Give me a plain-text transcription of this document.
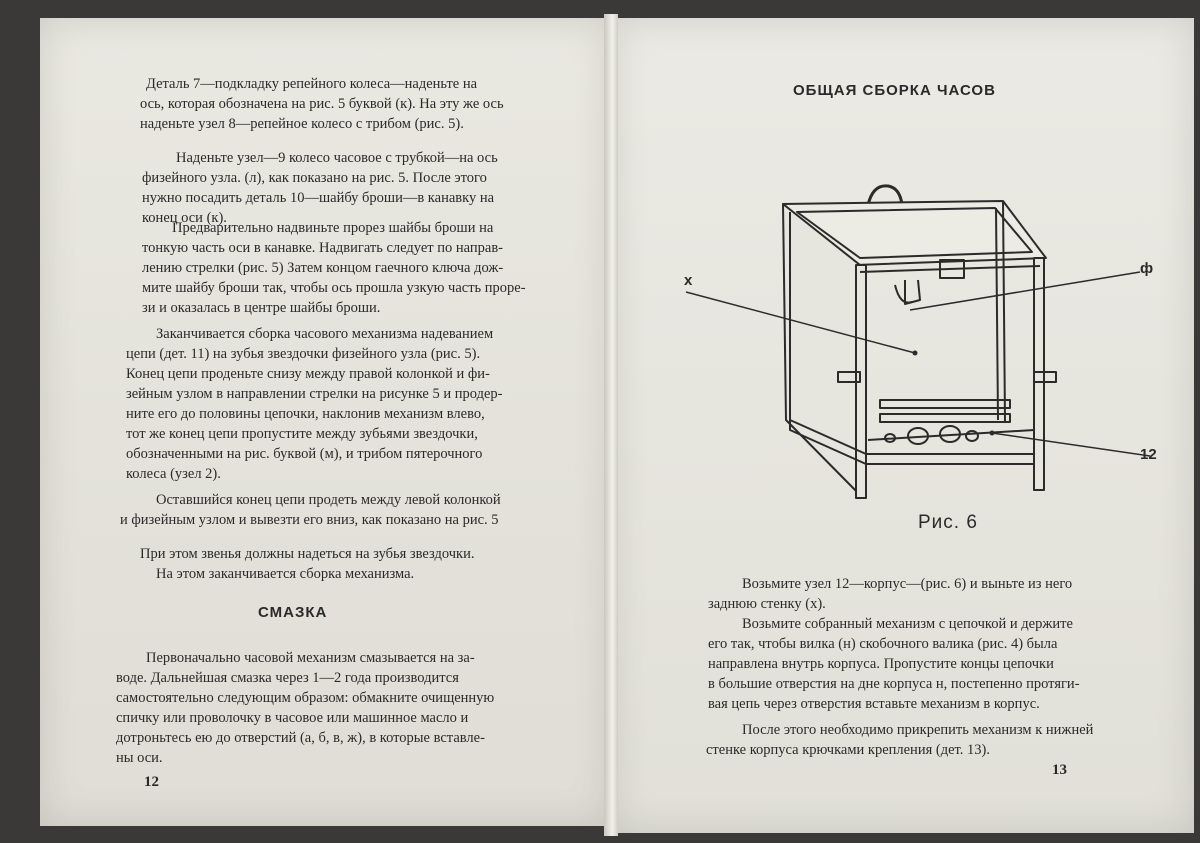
Деталь 7—подкладку репейного колеса—наденьте на
ось, которая обозначена на рис. 5 буквой (к). На эту же ось
наденьте узел 8—репейное колесо с трибом (рис. 5).
Наденьте узел—9 колесо часовое с трубкой—на ось
физейного узла. (л), как показано на рис. 5. После этого
нужно посадить деталь 10—шайбу броши—в канавку на
конец оси (к).
Предварительно надвиньте прорез шайбы броши на
тонкую часть оси в канавке. Надвигать следует по направ-
лению стрелки (рис. 5) Затем концом гаечного ключа дож-
мите шайбу броши так, чтобы ось прошла узкую часть проре-
зи и оказалась в центре шайбы броши.
Заканчивается сборка часового механизма надеванием
цепи (дет. 11) на зубья звездочки физейного узла (рис. 5).
Конец цепи проденьте снизу между правой колонкой и фи-
зейным узлом в направлении стрелки на рисунке 5 и продер-
ните его до половины цепочки, наклонив механизм влево,
тот же конец цепи пропустите между зубьями звездочки,
обозначенными на рис. буквой (м), и трибом пятерочного
колеса (узел 2).
Оставшийся конец цепи продеть между левой колонкой
и физейным узлом и вывезти его вниз, как показано на рис. 5
При этом звенья должны надеться на зубья звездочки.
На этом заканчивается сборка механизма.
СМАЗКА
Первоначально часовой механизм смазывается на за-
воде. Дальнейшая смазка через 1—2 года производится
самостоятельно следующим образом: обмакните очищенную
спичку или проволочку в часовое или машинное масло и
дотроньтесь ею до отверстий (а, б, в, ж), в которые вставле-
ны оси.
12
ОБЩАЯ СБОРКА ЧАСОВ
х
ф
12
Рис. 6
Возьмите узел 12—корпус—(рис. 6) и выньте из него
заднюю стенку (х).
Возьмите собранный механизм с цепочкой и держите
его так, чтобы вилка (н) скобочного валика (рис. 4) была
направлена внутрь корпуса. Пропустите концы цепочки
в большие отверстия на дне корпуса н, постепенно протяги-
вая цепь через отверстия вставьте механизм в корпус.
После этого необходимо прикрепить механизм к нижней
стенке корпуса крючками крепления (дет. 13).
13
